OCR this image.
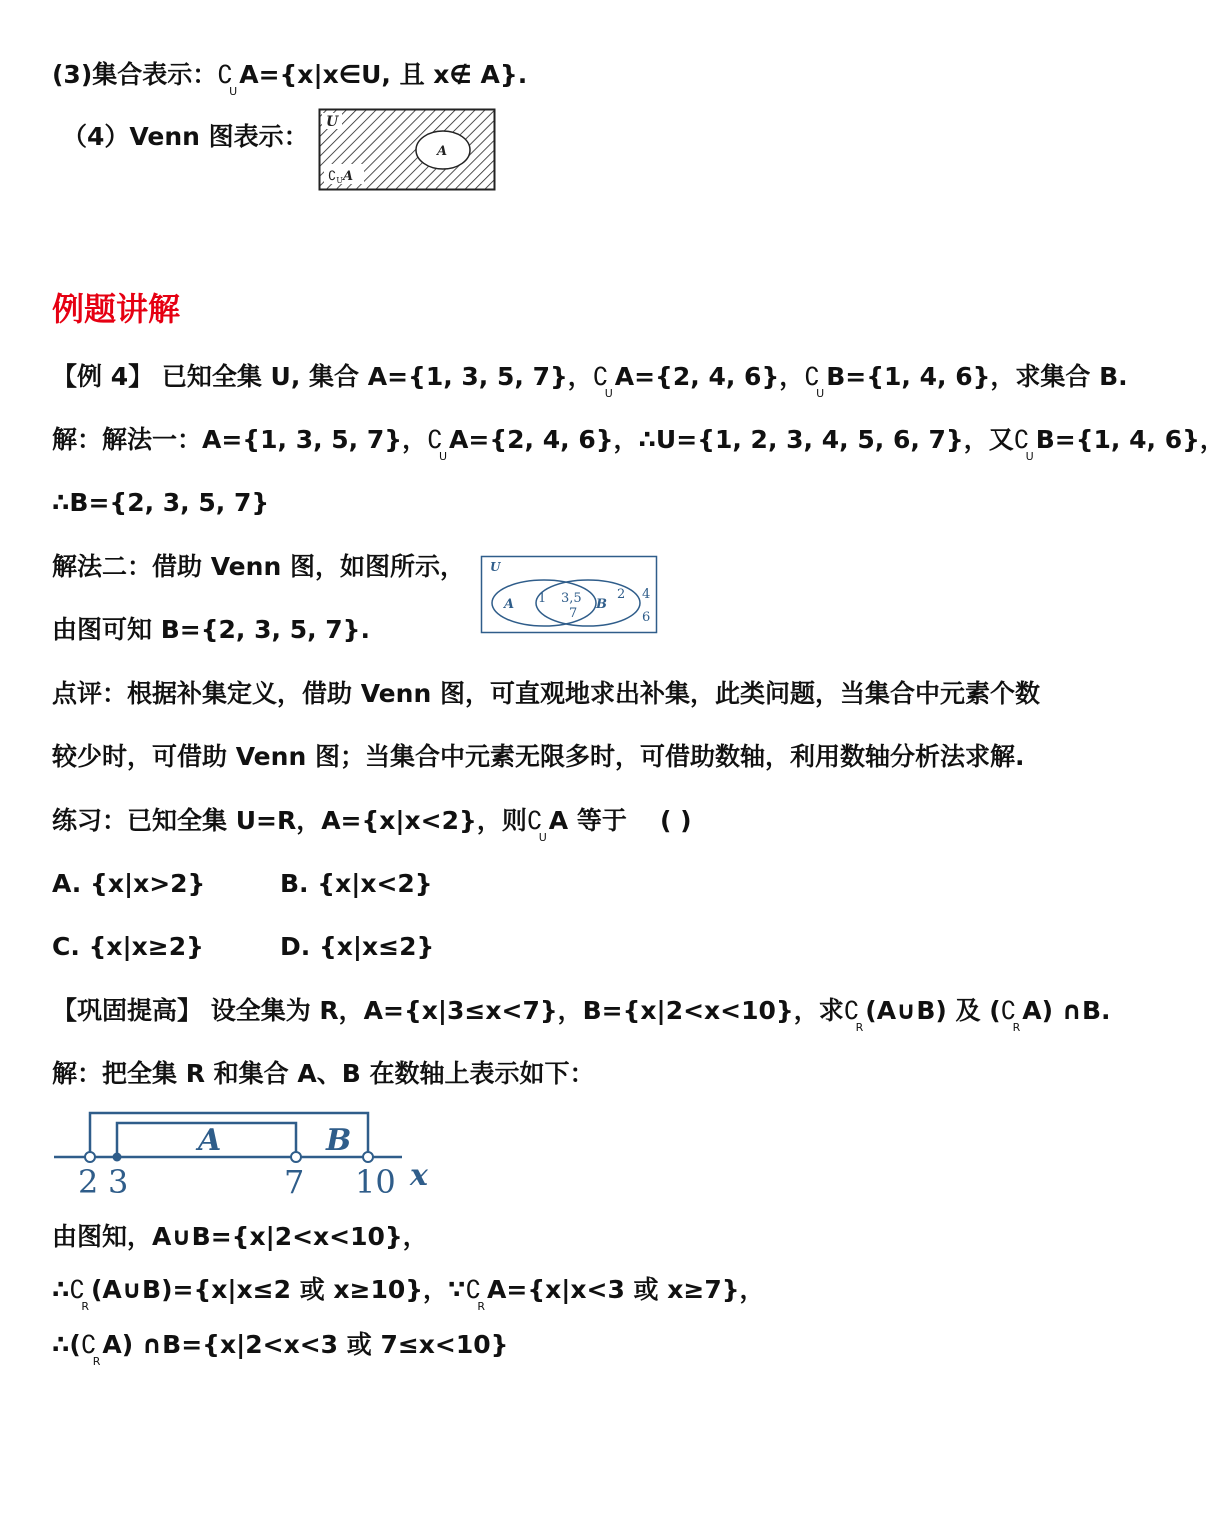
(3)集合表示：$∁_UA=\{x|x\in U$, 且 x∉ A}.
（4）Venn 图表示： U
A
$∁_UA$
例题讲解
【例 4】 已知全集 U, 集合 A={1, 3, 5, 7}，$∁_UA=\{2$, 4, 6}，$∁_UB=\{1$, 4, 6}，求集合 B.
解：解法一：A={1, 3, 5, 7}，$∁_UA=\{2$, 4, 6}，∴U={1, 2, 3, 4, 5, 6, 7}，又$∁_UB=\{1$, 4, 6}，
∴B={2, 3, 5, 7}
解法二：借助 Venn 图，如图所示，
由图可知 B={2, 3, 5, 7}.
U
A 1 3,5
7
B
2 4
6
点评：根据补集定义，借助 Venn 图，可直观地求出补集，此类问题，当集合中元素个数
较少时，可借助 Venn 图；当集合中元素无限多时，可借助数轴，利用数轴分析法求解.
练习：已知全集 U=R，A={x|x<2}，则$∁_UA$ 等于 ( )
A. {x|x>2}	B. {x|x<2}
C. {x|x≥2}	D. {x|x≤2}
【巩固提高】 设全集为 R，A={x|3≤x<7}，B={x|2<x<10}，求$∁_R(A\cup B)$ 及 $(∁_RA)$ ∩B.
解：把全集 R 和集合 A、B 在数轴上表示如下：
A	B
2 3	7 10 x
由图知，A∪B={x|2<x<10}，
$\therefore∁_R(A\cup B)=\{x|x\le 2$ 或 x≥10}，$\because∁_RA=\{x|x<3$ 或 x≥7}，
$\therefore(∁_RA)$ ∩B={x|2<x<3 或 7≤x<10}
